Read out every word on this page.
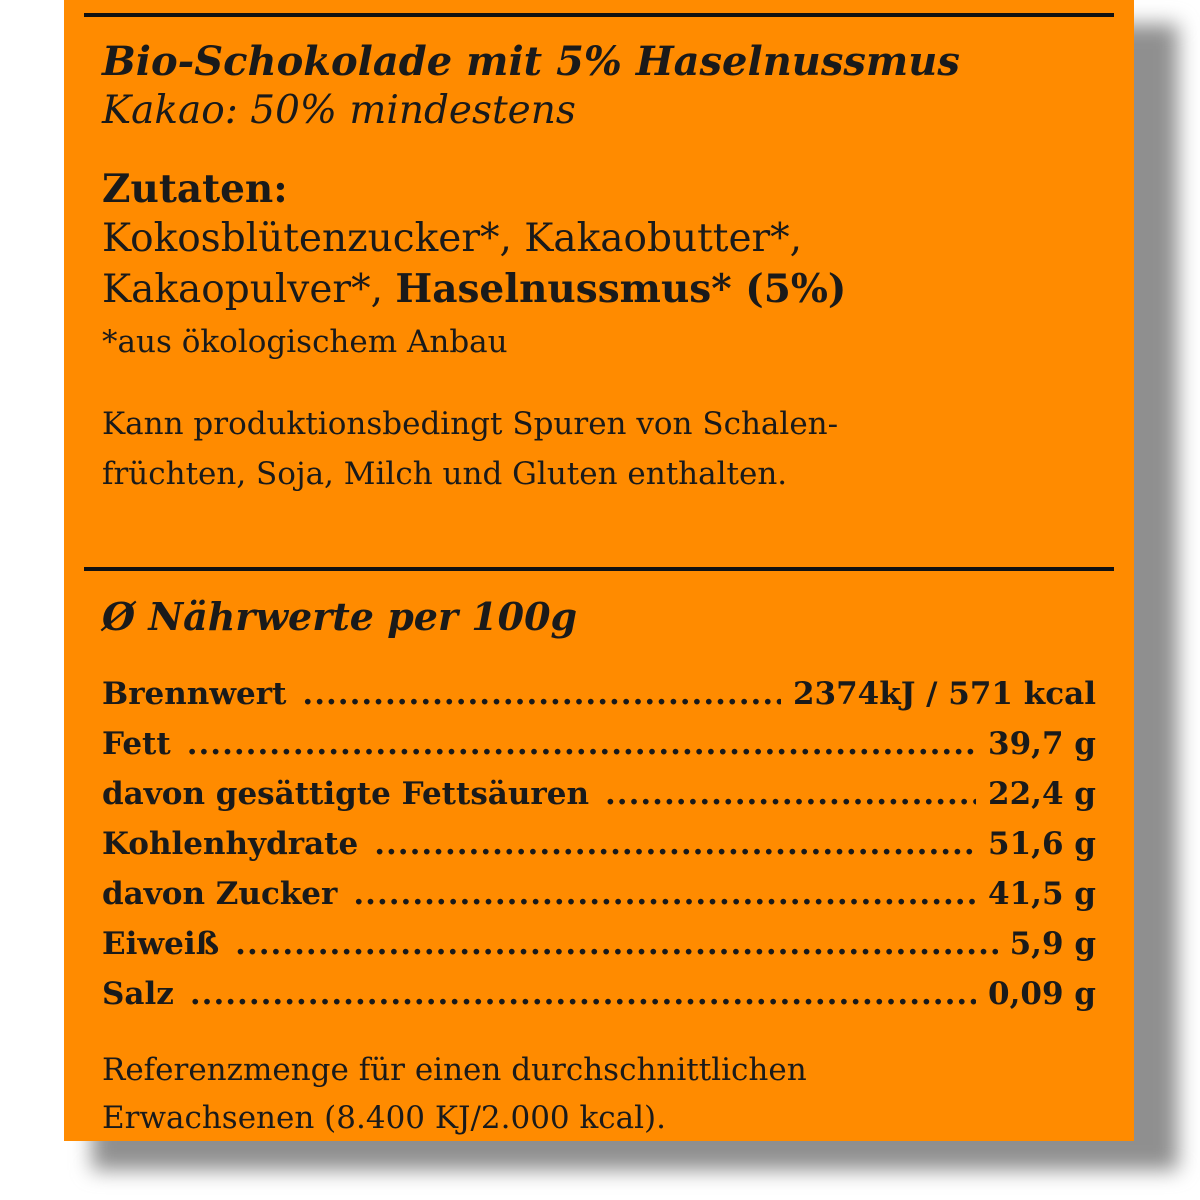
Bio-Schokolade mit 5% Haselnussmus
Kakao: 50% mindestens
Zutaten:
Kokosblütenzucker*, Kakaobutter*,
Kakaopulver*, Haselnussmus* (5%)
*aus ökologischem Anbau
Kann produktionsbedingt Spuren von Schalen-
früchten, Soja, Milch und Gluten enthalten.
Ø Nährwerte per 100g
Brennwert .....	2374kJ / 571 kcal
Fett .....	39,7 g
davon gesättigte Fettsäuren .....	22,4 g
Kohlenhydrate .....	51,6 g
davon Zucker .....	41,5 g
Eiweiß .....	5,9 g
Salz .....	0,09 g
Referenzmenge für einen durchschnittlichen
Erwachsenen (8.400 KJ/2.000 kcal).
